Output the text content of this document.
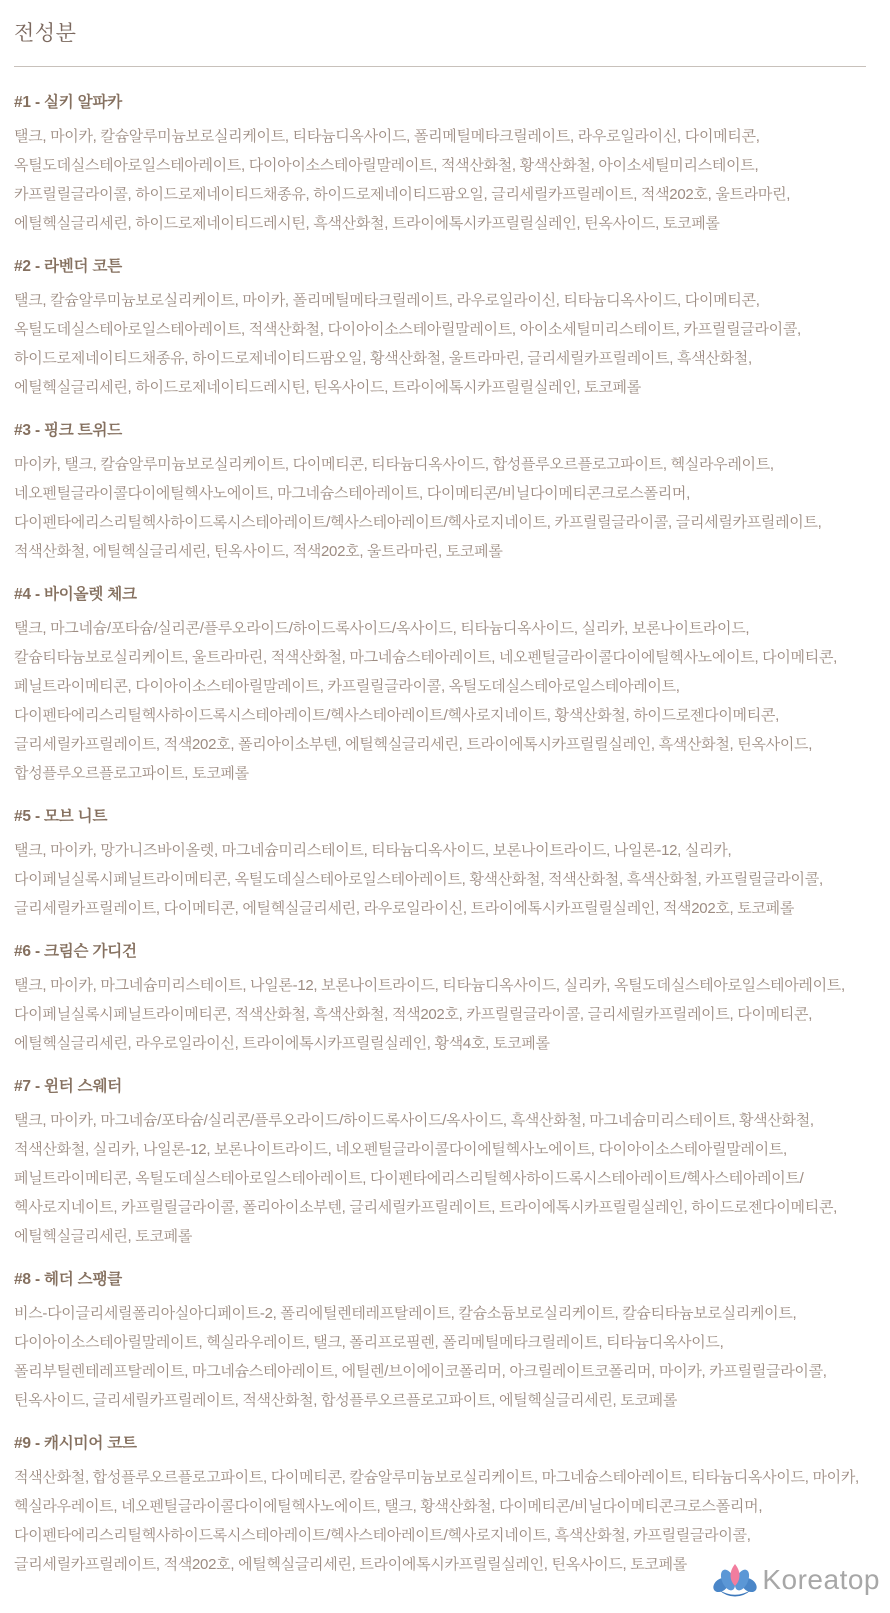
전성분
#1 - 실키 알파카

탤크, 마이카, 칼슘알루미늄보로실리케이트, 티타늄디옥사이드, 폴리메틸메타크릴레이트, 라우로일라이신, 다이메티콘, 옥틸도데실스테아로일스테아레이트, 다이아이소스테아릴말레이트, 적색산화철, 황색산화철, 아이소세틸미리스테이트, 카프릴릴글라이콜, 하이드로제네이티드채종유, 하이드로제네이티드팜오일, 글리세릴카프릴레이트, 적색202호, 울트라마린, 에틸헥실글리세린, 하이드로제네이티드레시틴, 흑색산화철, 트라이에톡시카프릴릴실레인, 틴옥사이드, 토코페롤

#2 - 라벤더 코튼

탤크, 칼슘알루미늄보로실리케이트, 마이카, 폴리메틸메타크릴레이트, 라우로일라이신, 티타늄디옥사이드, 다이메티콘, 옥틸도데실스테아로일스테아레이트, 적색산화철, 다이아이소스테아릴말레이트, 아이소세틸미리스테이트, 카프릴릴글라이콜, 하이드로제네이티드채종유, 하이드로제네이티드팜오일, 황색산화철, 울트라마린, 글리세릴카프릴레이트, 흑색산화철, 에틸헥실글리세린, 하이드로제네이티드레시틴, 틴옥사이드, 트라이에톡시카프릴릴실레인, 토코페롤

#3 - 핑크 트위드

마이카, 탤크, 칼슘알루미늄보로실리케이트, 다이메티콘, 티타늄디옥사이드, 합성플루오르플로고파이트, 헥실라우레이트, 네오펜틸글라이콜다이에틸헥사노에이트, 마그네슘스테아레이트, 다이메티콘/비닐다이메티콘크로스폴리머, 다이펜타에리스리틸헥사하이드록시스테아레이트/헥사스테아레이트/헥사로지네이트, 카프릴릴글라이콜, 글리세릴카프릴레이트, 적색산화철, 에틸헥실글리세린, 틴옥사이드, 적색202호, 울트라마린, 토코페롤

#4 - 바이올렛 체크

탤크, 마그네슘/포타슘/실리콘/플루오라이드/하이드록사이드/옥사이드, 티타늄디옥사이드, 실리카, 보론나이트라이드, 칼슘티타늄보로실리케이트, 울트라마린, 적색산화철, 마그네슘스테아레이트, 네오펜틸글라이콜다이에틸헥사노에이트, 다이메티콘, 페닐트라이메티콘, 다이아이소스테아릴말레이트, 카프릴릴글라이콜, 옥틸도데실스테아로일스테아레이트, 다이펜타에리스리틸헥사하이드록시스테아레이트/헥사스테아레이트/헥사로지네이트, 황색산화철, 하이드로젠다이메티콘, 글리세릴카프릴레이트, 적색202호, 폴리아이소부텐, 에틸헥실글리세린, 트라이에톡시카프릴릴실레인, 흑색산화철, 틴옥사이드, 합성플루오르플로고파이트, 토코페롤

#5 - 모브 니트

탤크, 마이카, 망가니즈바이올렛, 마그네슘미리스테이트, 티타늄디옥사이드, 보론나이트라이드, 나일론-12, 실리카, 다이페닐실록시페닐트라이메티콘, 옥틸도데실스테아로일스테아레이트, 황색산화철, 적색산화철, 흑색산화철, 카프릴릴글라이콜, 글리세릴카프릴레이트, 다이메티콘, 에틸헥실글리세린, 라우로일라이신, 트라이에톡시카프릴릴실레인, 적색202호, 토코페롤

#6 - 크림슨 가디건

탤크, 마이카, 마그네슘미리스테이트, 나일론-12, 보론나이트라이드, 티타늄디옥사이드, 실리카, 옥틸도데실스테아로일스테아레이트, 다이페닐실록시페닐트라이메티콘, 적색산화철, 흑색산화철, 적색202호, 카프릴릴글라이콜, 글리세릴카프릴레이트, 다이메티콘, 에틸헥실글리세린, 라우로일라이신, 트라이에톡시카프릴릴실레인, 황색4호, 토코페롤

#7 - 윈터 스웨터

탤크, 마이카, 마그네슘/포타슘/실리콘/플루오라이드/하이드록사이드/옥사이드, 흑색산화철, 마그네슘미리스테이트, 황색산화철, 적색산화철, 실리카, 나일론-12, 보론나이트라이드, 네오펜틸글라이콜다이에틸헥사노에이트, 다이아이소스테아릴말레이트, 페닐트라이메티콘, 옥틸도데실스테아로일스테아레이트, 다이펜타에리스리틸헥사하이드록시스테아레이트/헥사스테아레이트/헥사로지네이트, 카프릴릴글라이콜, 폴리아이소부텐, 글리세릴카프릴레이트, 트라이에톡시카프릴릴실레인, 하이드로젠다이메티콘, 에틸헥실글리세린, 토코페롤

#8 - 헤더 스팽클

비스-다이글리세릴폴리아실아디페이트-2, 폴리에틸렌테레프탈레이트, 칼슘소듐보로실리케이트, 칼슘티타늄보로실리케이트, 다이아이소스테아릴말레이트, 헥실라우레이트, 탤크, 폴리프로필렌, 폴리메틸메타크릴레이트, 티타늄디옥사이드, 폴리부틸렌테레프탈레이트, 마그네슘스테아레이트, 에틸렌/브이에이코폴리머, 아크릴레이트코폴리머, 마이카, 카프릴릴글라이콜, 틴옥사이드, 글리세릴카프릴레이트, 적색산화철, 합성플루오르플로고파이트, 에틸헥실글리세린, 토코페롤

#9 - 캐시미어 코트

적색산화철, 합성플루오르플로고파이트, 다이메티콘, 칼슘알루미늄보로실리케이트, 마그네슘스테아레이트, 티타늄디옥사이드, 마이카, 헥실라우레이트, 네오펜틸글라이콜다이에틸헥사노에이트, 탤크, 황색산화철, 다이메티콘/비닐다이메티콘크로스폴리머, 다이펜타에리스리틸헥사하이드록시스테아레이트/헥사스테아레이트/헥사로지네이트, 흑색산화철, 카프릴릴글라이콜, 글리세릴카프릴레이트, 적색202호, 에틸헥실글리세린, 트라이에톡시카프릴릴실레인, 틴옥사이드, 토코페롤	Koreatop
